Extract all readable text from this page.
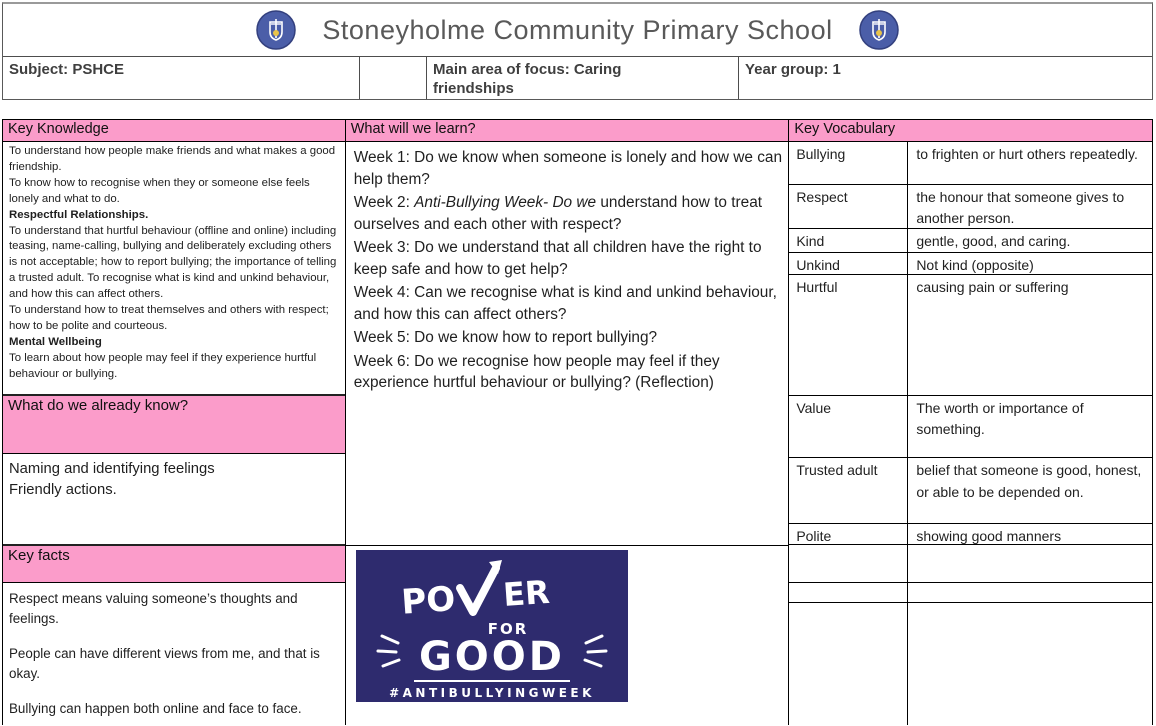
Stoneyholme Community Primary School
Subject: PSHCE	Main area of focus: Caring friendships
Year group: 1
Key Knowledge

To understand how people make friends and what makes a good friendship.

To know how to recognise when they or someone else feels lonely and what to do.

Respectful Relationships.

To understand that hurtful behaviour (offline and online) including teasing, name-calling, bullying and deliberately excluding others is not acceptable; how to report bullying; the importance of telling a trusted adult. To recognise what is kind and unkind behaviour, and how this can affect others.

To understand how to treat themselves and others with respect; how to be polite and courteous.

Mental Wellbeing

To learn about how people may feel if they experience hurtful behaviour or bullying.

What do we already know?
Naming and identifying feelings
Friendly actions.
Key facts

Respect means valuing someone’s thoughts and feelings.

People can have different views from me, and that is okay.

Bullying can happen both online and face to face.

What will we learn?
Week 1: Do we know when someone is lonely and how we can help them?
Week 2: Anti-Bullying Week- Do we understand how to treat ourselves and each other with respect?
Week 3: Do we understand that all children have the right to keep safe and how to get help?
Week 4: Can we recognise what is kind and unkind behaviour, and how this can affect others?
Week 5: Do we know how to report bullying?
Week 6: Do we recognise how people may feel if they experience hurtful behaviour or bullying? (Reflection)
PO ER
FOR
GOOD
#ANTIBULLYINGWEEK
Key Vocabulary
Bullying	to frighten or hurt others repeatedly.
Respect	the honour that someone gives to another person.
Kind	gentle, good, and caring.
Unkind	Not kind (opposite)
Hurtful	causing pain or suffering
Value	The worth or importance of something.
Trusted adult	belief that someone is good, honest, or able to be depended on.
Polite	showing good manners
